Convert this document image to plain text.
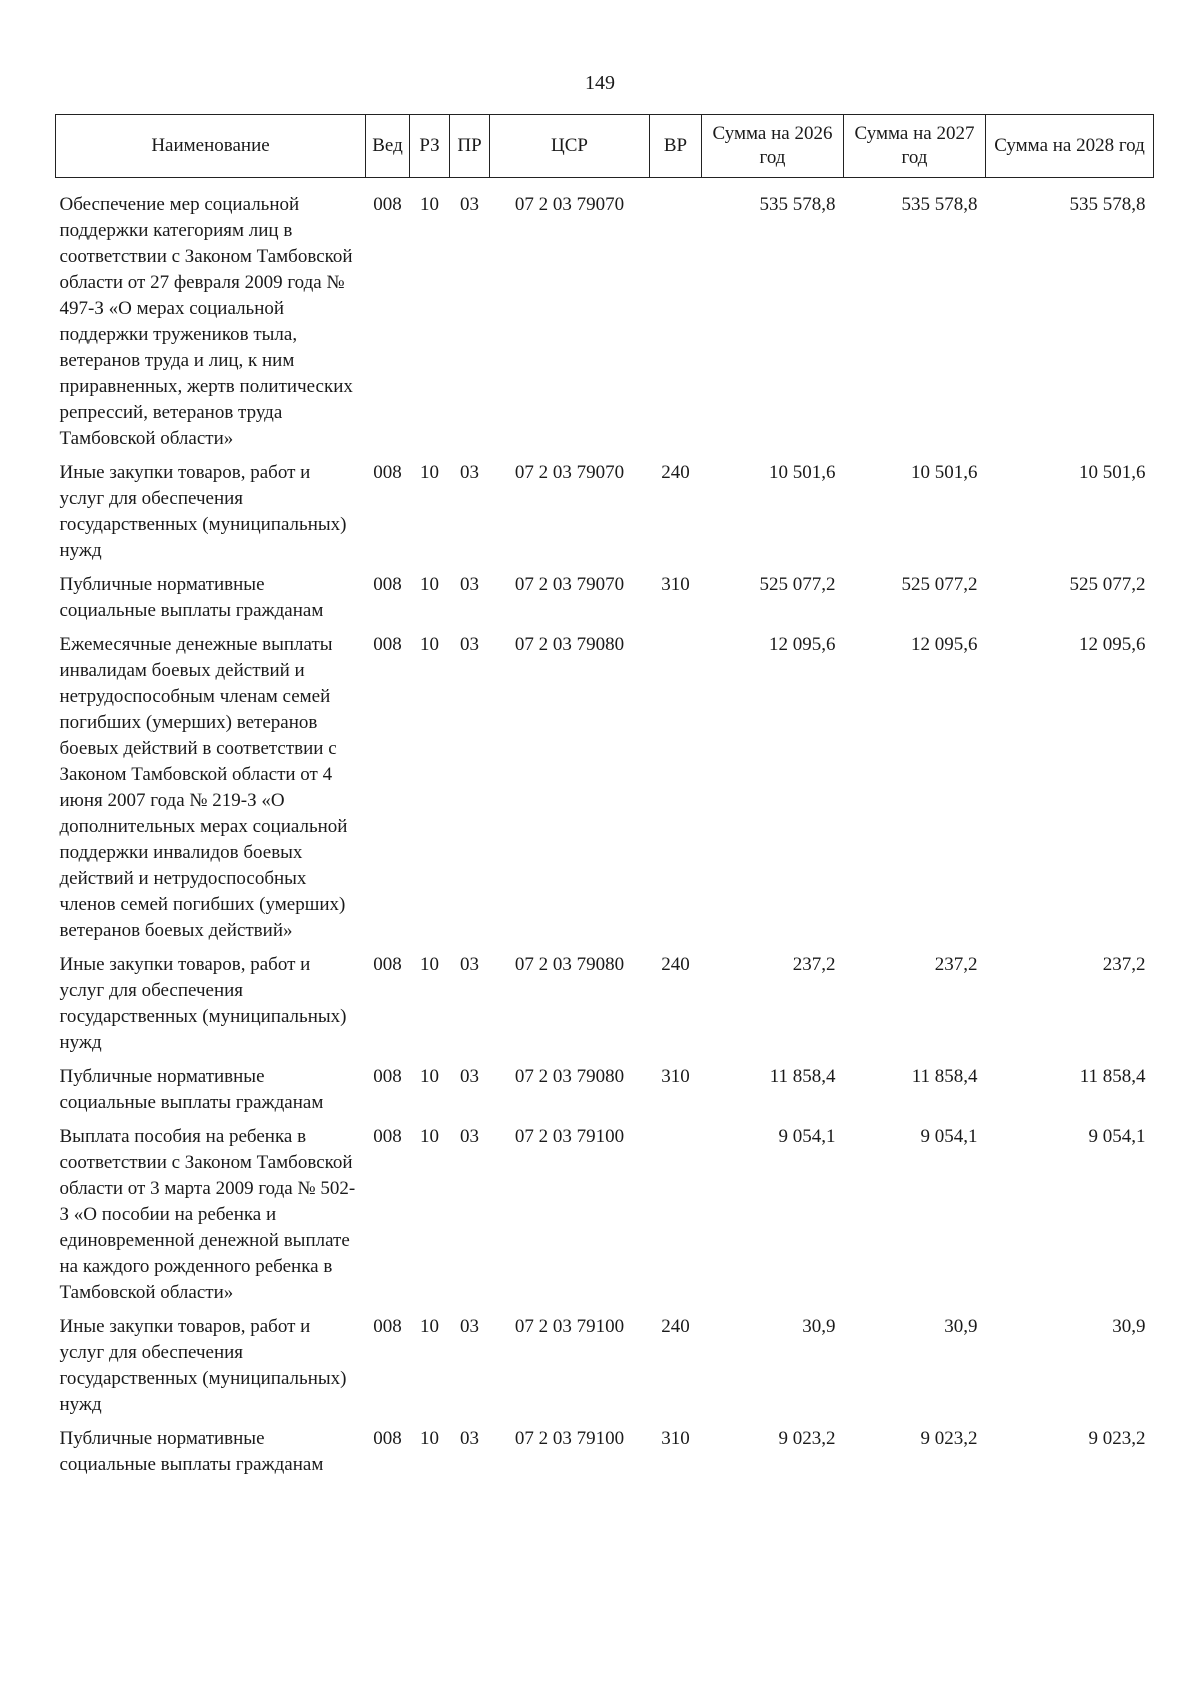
149
Наименование	Вед	РЗ	ПР	ЦСР	ВР	Сумма на 2026 год	Сумма на 2027 год	Сумма на 2028 год
Обеспечение мер социальной поддержки категориям лиц в соответствии с Законом Тамбовской области от 27 февраля 2009 года № 497-З «О мерах социальной поддержки тружеников тыла, ветеранов труда и лиц, к ним приравненных, жертв политических репрессий, ветеранов труда Тамбовской области»	008	10	03	07 2 03 79070		535 578,8	535 578,8	535 578,8
Иные закупки товаров, работ и услуг для обеспечения государственных (муниципальных) нужд	008	10	03	07 2 03 79070	240	10 501,6	10 501,6	10 501,6
Публичные нормативные социальные выплаты гражданам	008	10	03	07 2 03 79070	310	525 077,2	525 077,2	525 077,2
Ежемесячные денежные выплаты инвалидам боевых действий и нетрудоспособным членам семей погибших (умерших) ветеранов боевых действий в соответствии с Законом Тамбовской области от 4 июня 2007 года № 219-З «О дополнительных мерах социальной поддержки инвалидов боевых действий и нетрудоспособных членов семей погибших (умерших) ветеранов боевых действий»	008	10	03	07 2 03 79080		12 095,6	12 095,6	12 095,6
Иные закупки товаров, работ и услуг для обеспечения государственных (муниципальных) нужд	008	10	03	07 2 03 79080	240	237,2	237,2	237,2
Публичные нормативные социальные выплаты гражданам	008	10	03	07 2 03 79080	310	11 858,4	11 858,4	11 858,4
Выплата пособия на ребенка в соответствии с Законом Тамбовской области от 3 марта 2009 года № 502-З «О пособии на ребенка и единовременной денежной выплате на каждого рожденного ребенка в Тамбовской области»	008	10	03	07 2 03 79100		9 054,1	9 054,1	9 054,1
Иные закупки товаров, работ и услуг для обеспечения государственных (муниципальных) нужд	008	10	03	07 2 03 79100	240	30,9	30,9	30,9
Публичные нормативные социальные выплаты гражданам	008	10	03	07 2 03 79100	310	9 023,2	9 023,2	9 023,2
